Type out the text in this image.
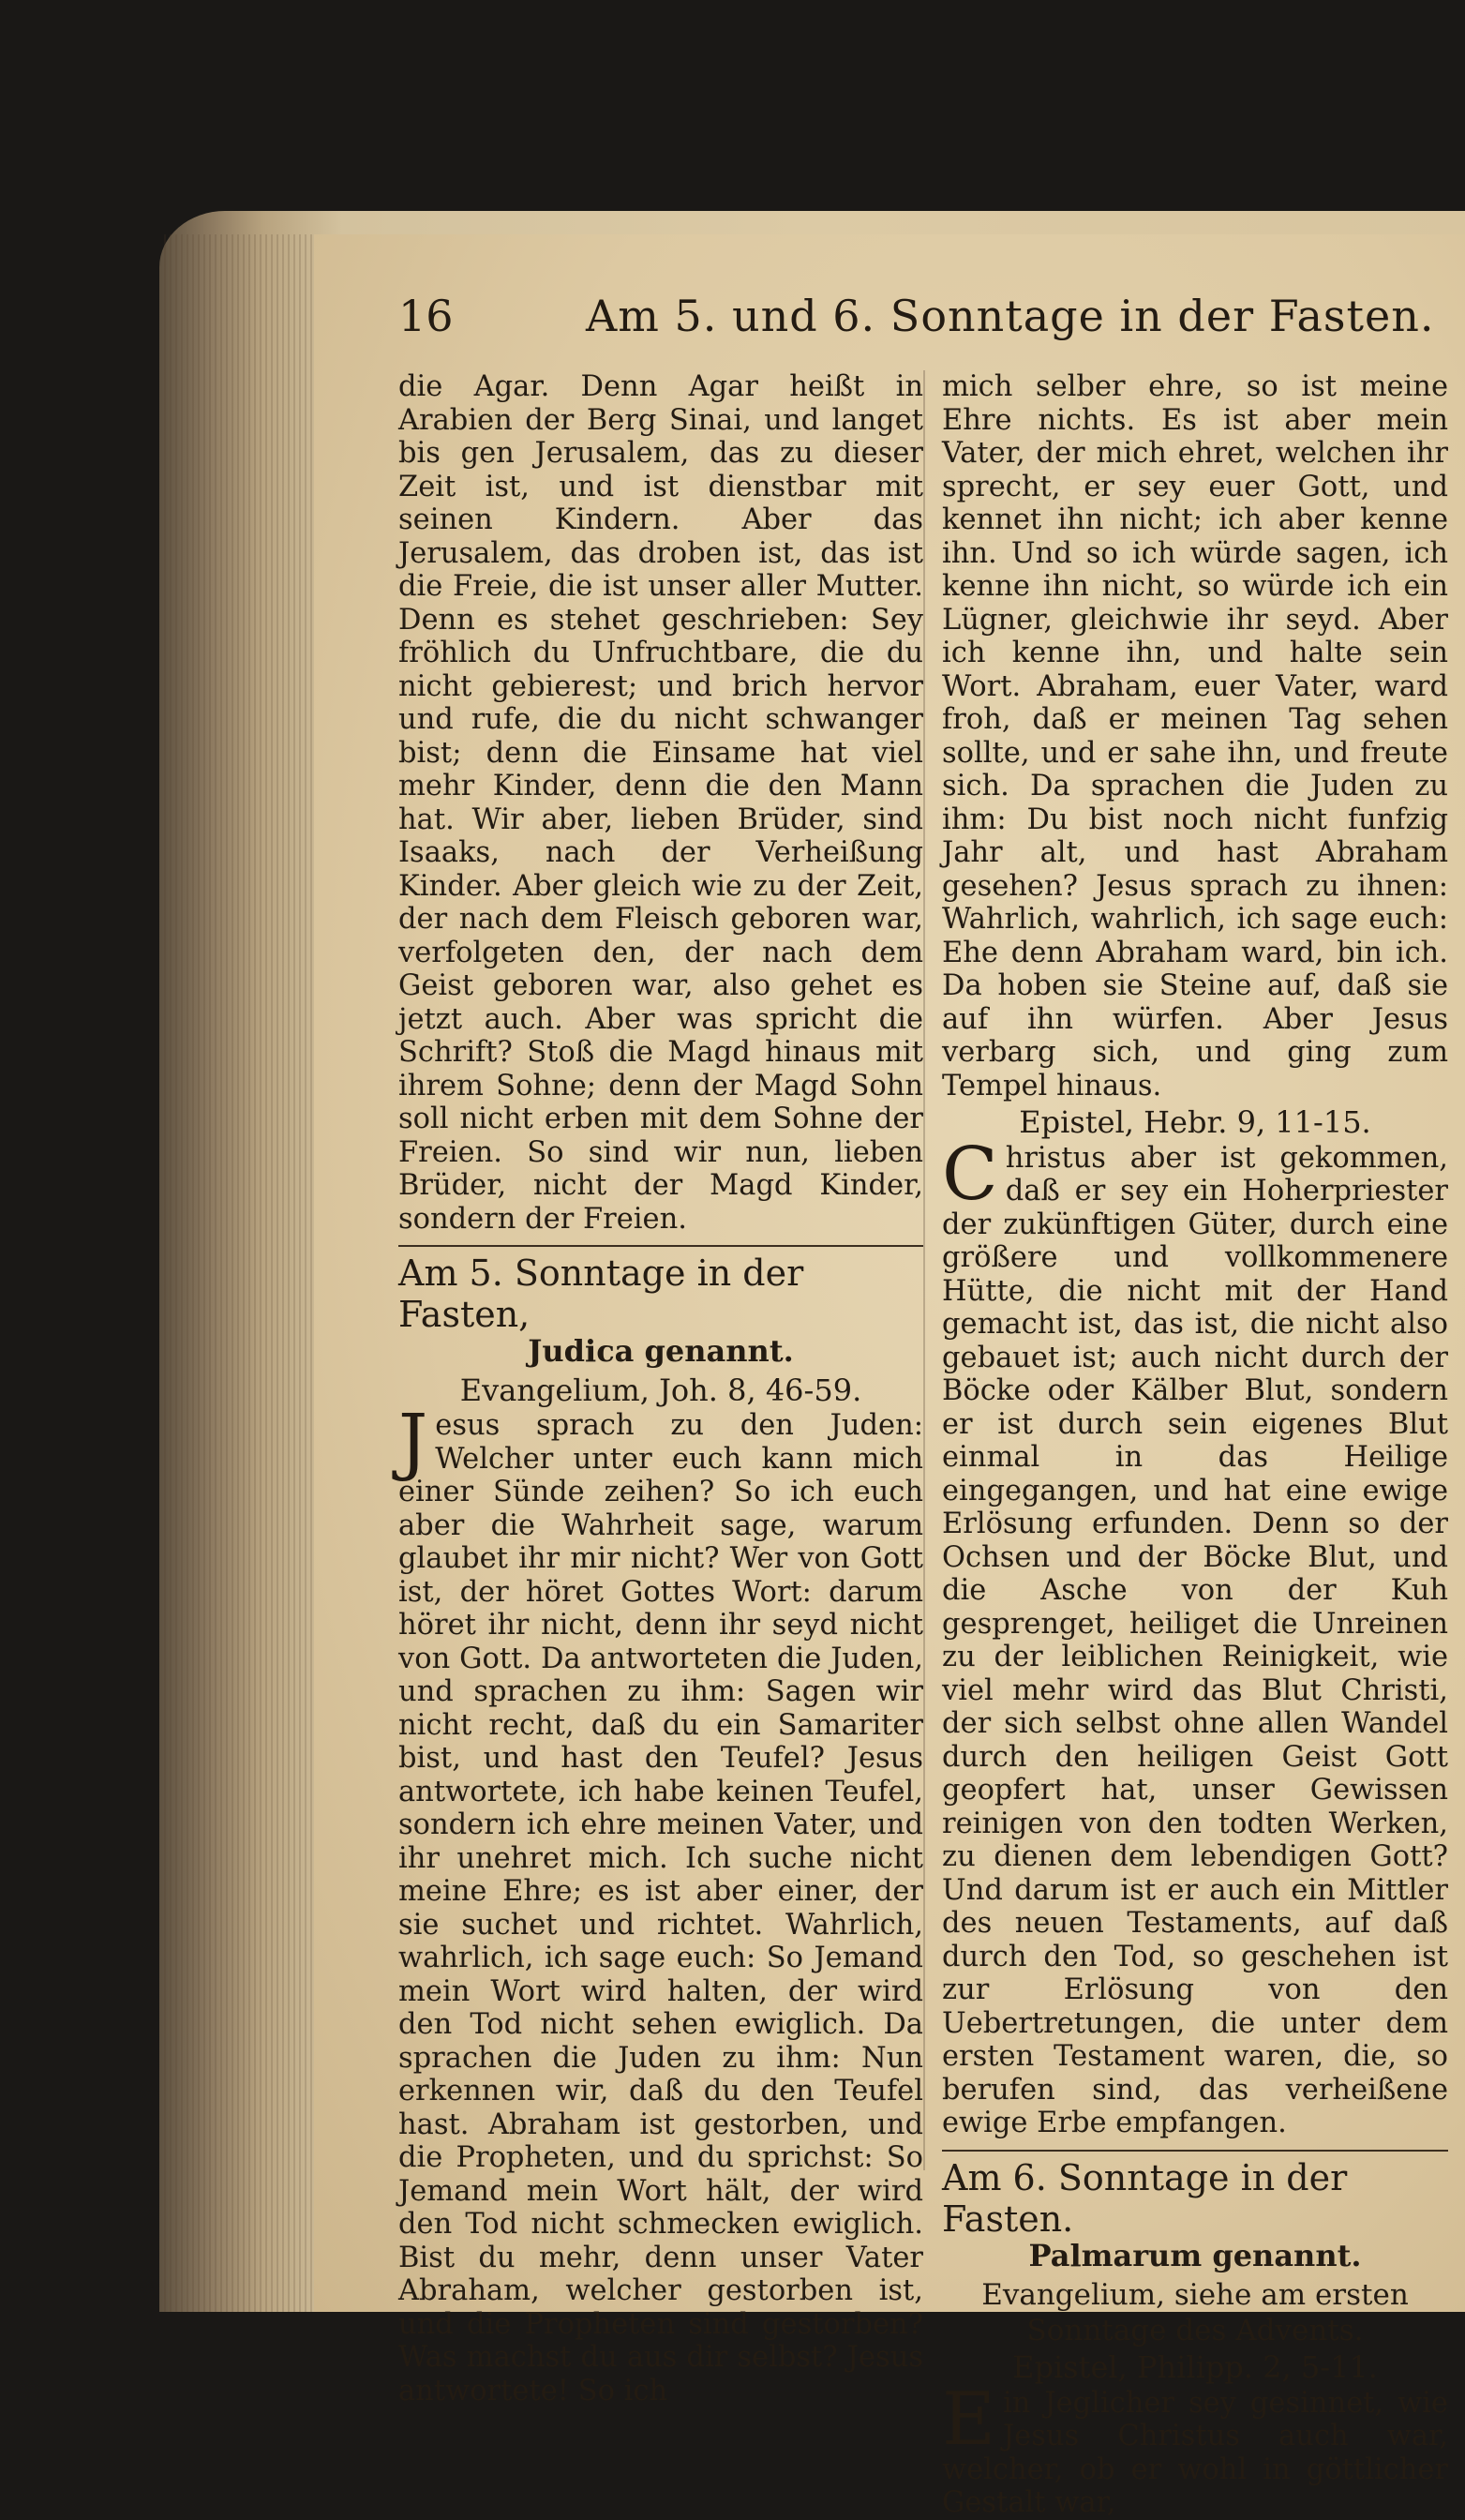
16	Am 5. und 6. Sonntage in der Fasten.

die Agar. Denn Agar heißt in Arabien der Berg Sinai, und langet bis gen Jerusalem, das zu dieser Zeit ist, und ist dienstbar mit seinen Kindern. Aber das Jerusalem, das droben ist, das ist die Freie, die ist unser aller Mutter. Denn es stehet geschrieben: Sey fröhlich du Unfruchtbare, die du nicht gebierest; und brich hervor und rufe, die du nicht schwanger bist; denn die Einsame hat viel mehr Kinder, denn die den Mann hat. Wir aber, lieben Brüder, sind Isaaks, nach der Verheißung Kinder. Aber gleich wie zu der Zeit, der nach dem Fleisch geboren war, verfolgeten den, der nach dem Geist geboren war, also gehet es jetzt auch. Aber was spricht die Schrift? Stoß die Magd hinaus mit ihrem Sohne; denn der Magd Sohn soll nicht erben mit dem Sohne der Freien. So sind wir nun, lieben Brüder, nicht der Magd Kinder, sondern der Freien.

Am 5. Sonntage in der Fasten,
Judica genannt.
Evangelium, Joh. 8, 46-59.

Jesus sprach zu den Juden: Welcher unter euch kann mich einer Sünde zeihen? So ich euch aber die Wahrheit sage, warum glaubet ihr mir nicht? Wer von Gott ist, der höret Gottes Wort: darum höret ihr nicht, denn ihr seyd nicht von Gott. Da antworteten die Juden, und sprachen zu ihm: Sagen wir nicht recht, daß du ein Samariter bist, und hast den Teufel? Jesus antwortete, ich habe keinen Teufel, sondern ich ehre meinen Vater, und ihr unehret mich. Ich suche nicht meine Ehre; es ist aber einer, der sie suchet und richtet. Wahrlich, wahrlich, ich sage euch: So Jemand mein Wort wird halten, der wird den Tod nicht sehen ewiglich. Da sprachen die Juden zu ihm: Nun erkennen wir, daß du den Teufel hast. Abraham ist gestorben, und die Propheten, und du sprichst: So Jemand mein Wort hält, der wird den Tod nicht schmecken ewiglich. Bist du mehr, denn unser Vater Abraham, welcher gestorben ist, und die Propheten sind gestorben? Was machst du aus dir selbst? Jesus antwortete! So ich

mich selber ehre, so ist meine Ehre nichts. Es ist aber mein Vater, der mich ehret, welchen ihr sprecht, er sey euer Gott, und kennet ihn nicht; ich aber kenne ihn. Und so ich würde sagen, ich kenne ihn nicht, so würde ich ein Lügner, gleichwie ihr seyd. Aber ich kenne ihn, und halte sein Wort. Abraham, euer Vater, ward froh, daß er meinen Tag sehen sollte, und er sahe ihn, und freute sich. Da sprachen die Juden zu ihm: Du bist noch nicht funfzig Jahr alt, und hast Abraham gesehen? Jesus sprach zu ihnen: Wahrlich, wahrlich, ich sage euch: Ehe denn Abraham ward, bin ich. Da hoben sie Steine auf, daß sie auf ihn würfen. Aber Jesus verbarg sich, und ging zum Tempel hinaus.

Epistel, Hebr. 9, 11-15.

Christus aber ist gekommen, daß er sey ein Hoherpriester der zukünftigen Güter, durch eine größere und vollkommenere Hütte, die nicht mit der Hand gemacht ist, das ist, die nicht also gebauet ist; auch nicht durch der Böcke oder Kälber Blut, sondern er ist durch sein eigenes Blut einmal in das Heilige eingegangen, und hat eine ewige Erlösung erfunden. Denn so der Ochsen und der Böcke Blut, und die Asche von der Kuh gesprenget, heiliget die Unreinen zu der leiblichen Reinigkeit, wie viel mehr wird das Blut Christi, der sich selbst ohne allen Wandel durch den heiligen Geist Gott geopfert hat, unser Gewissen reinigen von den todten Werken, zu dienen dem lebendigen Gott? Und darum ist er auch ein Mittler des neuen Testaments, auf daß durch den Tod, so geschehen ist zur Erlösung von den Uebertretungen, die unter dem ersten Testament waren, die, so berufen sind, das verheißene ewige Erbe empfangen.

Am 6. Sonntage in der Fasten.
Palmarum genannt.
Evangelium, siehe am ersten
Sonntage des Advents.
Epistel, Philipp. 2, 5-11.

Ein Jeglicher sey gesinnet, wie Jesus Christus auch war, welcher, ob er wohl in göttlicher Gestalt war,
